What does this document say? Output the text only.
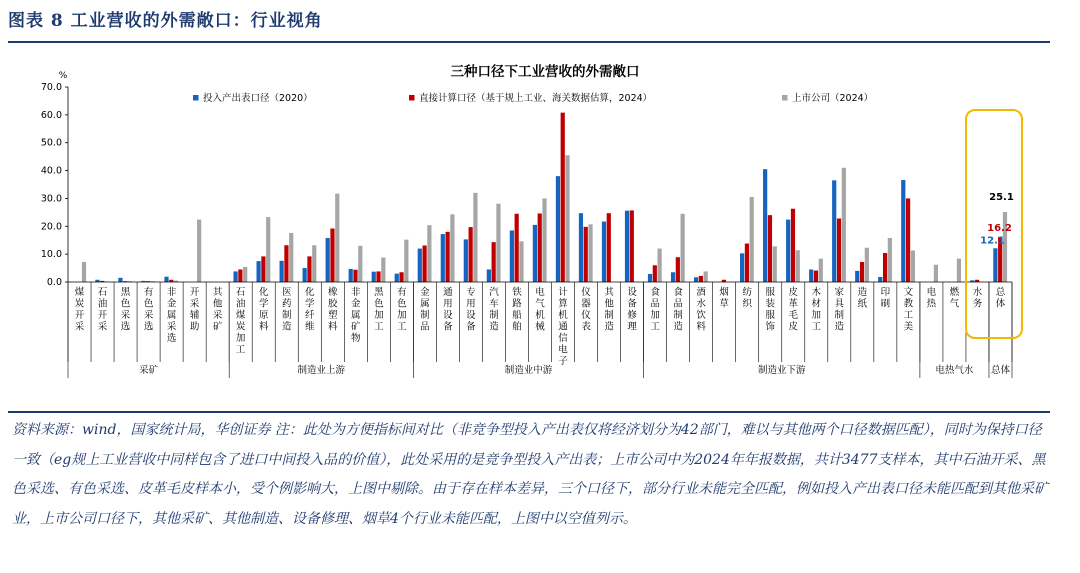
图表 8 工业营收的外需敞口：行业视角
三种口径下工业营收的外需敞口
%
投入产出表口径（2020）	直接计算口径（基于规上工业、海关数据估算，2024）	上市公司（2024）
0.0
10.0
20.0
30.0
40.0
50.0
60.0
70.0
煤炭开采
石油开采
黑色采选
有色采选
非金属采选
开采辅助
其他采矿
石油煤炭加工
化学原料
医药制造
化学纤维
橡胶塑料
非金属矿物
黑色加工
有色加工
金属制品
通用设备
专用设备
汽车制造
铁路船舶
电气机械
计算机通信电子
仪器仪表
其他制造
设备修理
食品加工
食品制造
酒水饮料
烟草
纺织
服装服饰
皮革毛皮
木材加工
家具制造
造纸
印刷
文教工美
电热
燃气
水务
总体
采矿	制造业上游	制造业中游	制造业下游	电热气水 总体
12.1
16.2
25.1
资料来源：wind，国家统计局，华创证券 注：此处为方便指标间对比（非竞争型投入产出表仅将经济划分为42部门，难以与其他两个口径数据匹配），同时为保持口径一致（eg规上工业营收中同样包含了进口中间投入品的价值），此处采用的是竞争型投入产出表；上市公司中为2024年年报数据，共计3477支样本，其中石油开采、黑色采选、有色采选、皮革毛皮样本小，受个例影响大，上图中剔除。由于存在样本差异，三个口径下，部分行业未能完全匹配，例如投入产出表口径未能匹配到其他采矿业，上市公司口径下，其他采矿、其他制造、设备修理、烟草4个行业未能匹配，上图中以空值列示。
